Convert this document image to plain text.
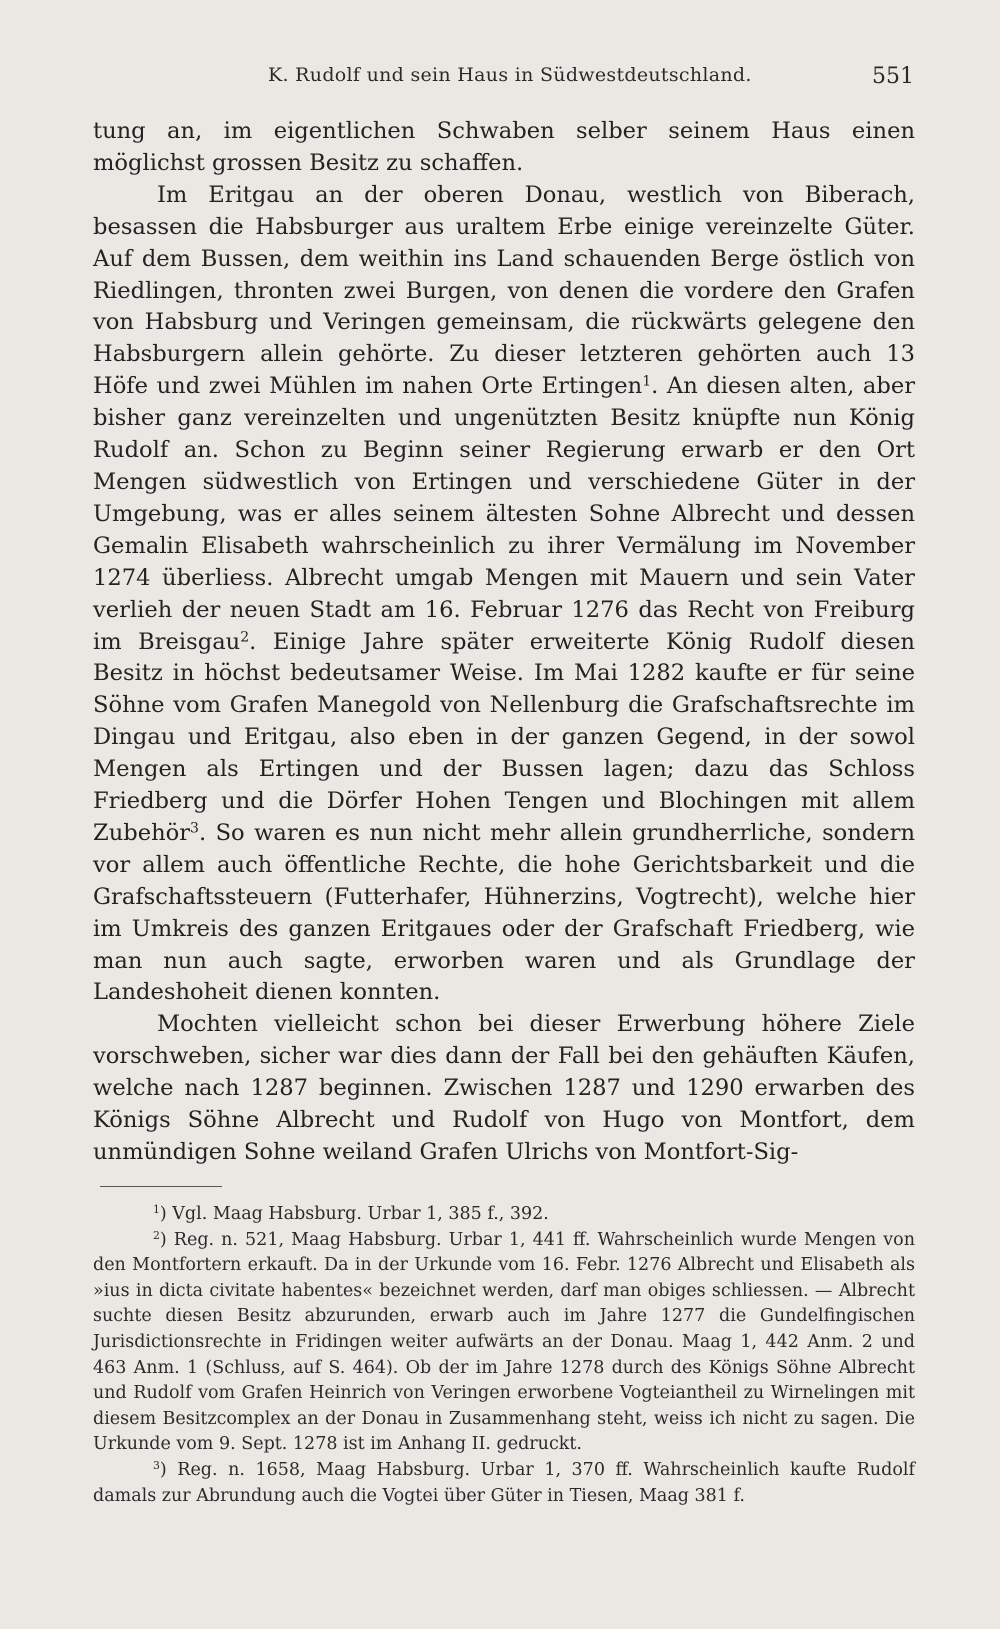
K. Rudolf und sein Haus in Südwestdeutschland.	551

tung an, im eigentlichen Schwaben selber seinem Haus einen möglichst grossen Besitz zu schaffen.

Im Eritgau an der oberen Donau, westlich von Biberach, besassen die Habsburger aus uraltem Erbe einige vereinzelte Güter. Auf dem Bussen, dem weithin ins Land schauenden Berge östlich von Riedlingen, thronten zwei Burgen, von denen die vordere den Grafen von Habsburg und Veringen gemeinsam, die rückwärts gelegene den Habsburgern allein gehörte. Zu dieser letzteren gehörten auch 13 Höfe und zwei Mühlen im nahen Orte Ertingen$^1$. An diesen alten, aber bisher ganz vereinzelten und ungenützten Besitz knüpfte nun König Rudolf an. Schon zu Beginn seiner Regierung erwarb er den Ort Mengen südwestlich von Ertingen und verschiedene Güter in der Umgebung, was er alles seinem ältesten Sohne Albrecht und dessen Gemalin Elisabeth wahrscheinlich zu ihrer Vermälung im November 1274 überliess. Albrecht umgab Mengen mit Mauern und sein Vater verlieh der neuen Stadt am 16. Februar 1276 das Recht von Freiburg im Breisgau$^2$. Einige Jahre später erweiterte König Rudolf diesen Besitz in höchst bedeutsamer Weise. Im Mai 1282 kaufte er für seine Söhne vom Grafen Manegold von Nellenburg die Grafschaftsrechte im Dingau und Eritgau, also eben in der ganzen Gegend, in der sowol Mengen als Ertingen und der Bussen lagen; dazu das Schloss Friedberg und die Dörfer Hohen Tengen und Blochingen mit allem Zubehör$^3$. So waren es nun nicht mehr allein grundherrliche, sondern vor allem auch öffentliche Rechte, die hohe Gerichtsbarkeit und die Grafschaftssteuern (Futterhafer, Hühnerzins, Vogtrecht), welche hier im Umkreis des ganzen Eritgaues oder der Grafschaft Friedberg, wie man nun auch sagte, erworben waren und als Grundlage der Landeshoheit dienen konnten.

Mochten vielleicht schon bei dieser Erwerbung höhere Ziele vorschweben, sicher war dies dann der Fall bei den gehäuften Käufen, welche nach 1287 beginnen. Zwischen 1287 und 1290 erwarben des Königs Söhne Albrecht und Rudolf von Hugo von Montfort, dem unmündigen Sohne weiland Grafen Ulrichs von Montfort-Sig-

$^1$) Vgl. Maag Habsburg. Urbar 1, 385 f., 392.

$^2$) Reg. n. 521, Maag Habsburg. Urbar 1, 441 ff. Wahrscheinlich wurde Mengen von den Montfortern erkauft. Da in der Urkunde vom 16. Febr. 1276 Albrecht und Elisabeth als »ius in dicta civitate habentes« bezeichnet werden, darf man obiges schliessen. — Albrecht suchte diesen Besitz abzurunden, erwarb auch im Jahre 1277 die Gundelfingischen Jurisdictionsrechte in Fridingen weiter aufwärts an der Donau. Maag 1, 442 Anm. 2 und 463 Anm. 1 (Schluss, auf S. 464). Ob der im Jahre 1278 durch des Königs Söhne Albrecht und Rudolf vom Grafen Heinrich von Veringen erworbene Vogteiantheil zu Wirnelingen mit diesem Besitzcomplex an der Donau in Zusammenhang steht, weiss ich nicht zu sagen. Die Urkunde vom 9. Sept. 1278 ist im Anhang II. gedruckt.

$^3$) Reg. n. 1658, Maag Habsburg. Urbar 1, 370 ff. Wahrscheinlich kaufte Rudolf damals zur Abrundung auch die Vogtei über Güter in Tiesen, Maag 381 f.
